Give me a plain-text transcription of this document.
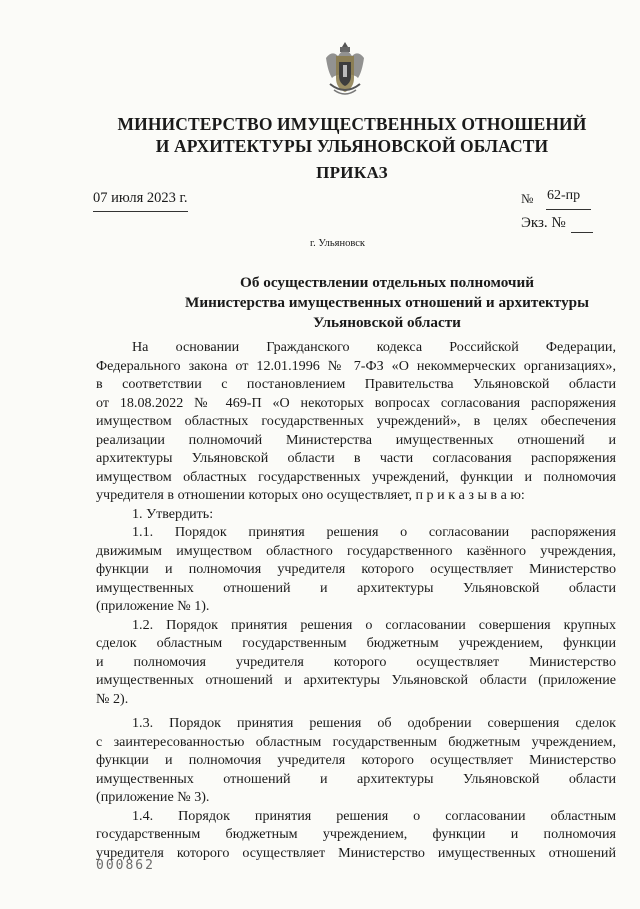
МИНИСТЕРСТВО ИМУЩЕСТВЕННЫХ ОТНОШЕНИЙ
И АРХИТЕКТУРЫ УЛЬЯНОВСКОЙ ОБЛАСТИ
ПРИКАЗ
07 июля 2023 г.	№ 62-пр
Экз. №
г. Ульяновск
Об осуществлении отдельных полномочий
Министерства имущественных отношений и архитектуры
Ульяновской области
На основании Гражданского кодекса Российской Федерации,
Федерального закона от 12.01.1996 № 7-ФЗ «О некоммерческих организациях»,
в соответствии с постановлением Правительства Ульяновской области
от 18.08.2022 № 469-П «О некоторых вопросах согласования распоряжения
имуществом областных государственных учреждений», в целях обеспечения
реализации полномочий Министерства имущественных отношений и
архитектуры Ульяновской области в части согласования распоряжения
имуществом областных государственных учреждений, функции и полномочия
учредителя в отношении которых оно осуществляет, п р и к а з ы в а ю:
1. Утвердить:
1.1. Порядок принятия решения о согласовании распоряжения
движимым имуществом областного государственного казённого учреждения,
функции и полномочия учредителя которого осуществляет Министерство
имущественных отношений и архитектуры Ульяновской области
(приложение № 1).
1.2. Порядок принятия решения о согласовании совершения крупных
сделок областным государственным бюджетным учреждением, функции
и полномочия учредителя которого осуществляет Министерство
имущественных отношений и архитектуры Ульяновской области (приложение
№ 2).
1.3. Порядок принятия решения об одобрении совершения сделок
с заинтересованностью областным государственным бюджетным учреждением,
функции и полномочия учредителя которого осуществляет Министерство
имущественных отношений и архитектуры Ульяновской области
(приложение № 3).
1.4. Порядок принятия решения о согласовании областным
государственным бюджетным учреждением, функции и полномочия
учредителя которого осуществляет Министерство имущественных отношений
000862
